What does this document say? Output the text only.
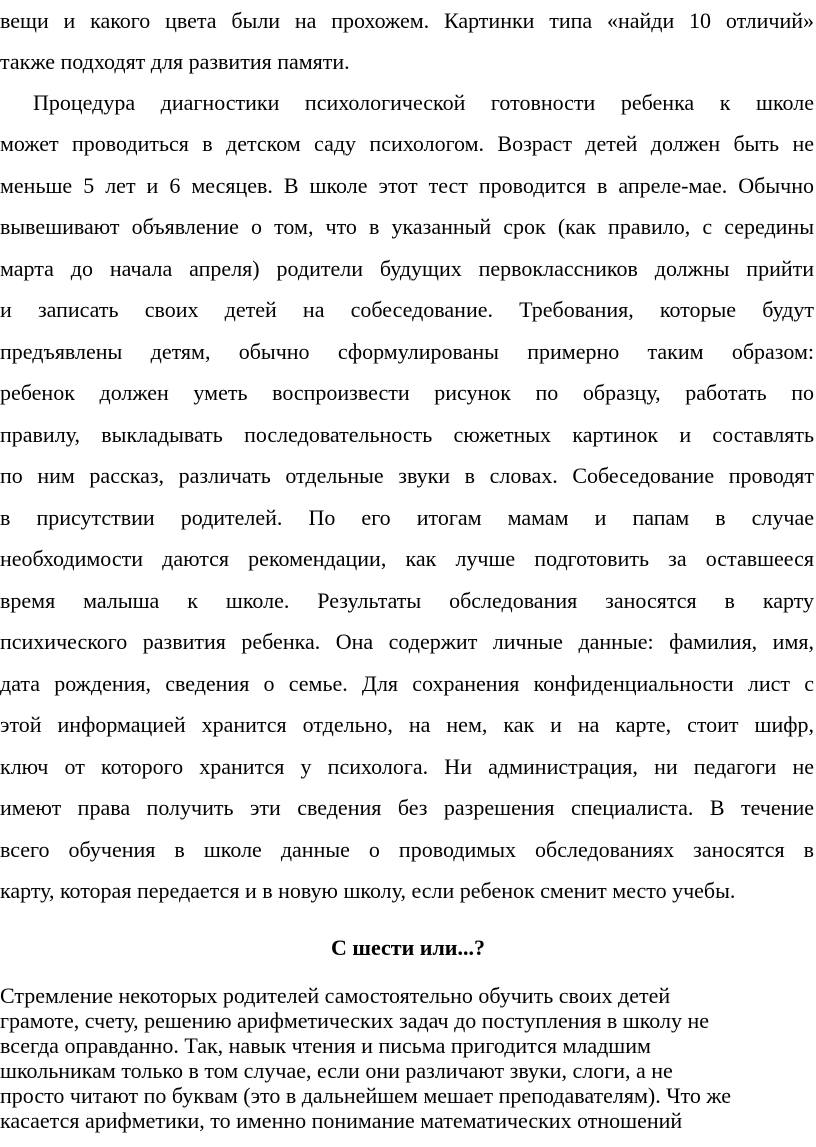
вещи и какого цвета были на прохожем. Картинки типа «найди 10 отличий»
также подходят для развития памяти.
Процедура диагностики психологической готовности ребенка к школе
может проводиться в детском саду психологом. Возраст детей должен быть не
меньше 5 лет и 6 месяцев. В школе этот тест проводится в апреле-мае. Обычно
вывешивают объявление о том, что в указанный срок (как правило, с середины
марта до начала апреля) родители будущих первоклассников должны прийти
и записать своих детей на собеседование. Требования, которые будут
предъявлены детям, обычно сформулированы примерно таким образом:
ребенок должен уметь воспроизвести рисунок по образцу, работать по
правилу, выкладывать последовательность сюжетных картинок и составлять
по ним рассказ, различать отдельные звуки в словах. Собеседование проводят
в присутствии родителей. По его итогам мамам и папам в случае
необходимости даются рекомендации, как лучше подготовить за оставшееся
время малыша к школе. Результаты обследования заносятся в карту
психического развития ребенка. Она содержит личные данные: фамилия, имя,
дата рождения, сведения о семье. Для сохранения конфиденциальности лист с
этой информацией хранится отдельно, на нем, как и на карте, стоит шифр,
ключ от которого хранится у психолога. Ни администрация, ни педагоги не
имеют права получить эти сведения без разрешения специалиста. В течение
всего обучения в школе данные о проводимых обследованиях заносятся в
карту, которая передается и в новую школу, если ребенок сменит место учебы.
С шести или...?
Стремление некоторых родителей самостоятельно обучить своих детей
грамоте, счету, решению арифметических задач до поступления в школу не
всегда оправданно. Так, навык чтения и письма пригодится младшим
школьникам только в том случае, если они различают звуки, слоги, а не
просто читают по буквам (это в дальнейшем мешает преподавателям). Что же
касается арифметики, то именно понимание математических отношений
